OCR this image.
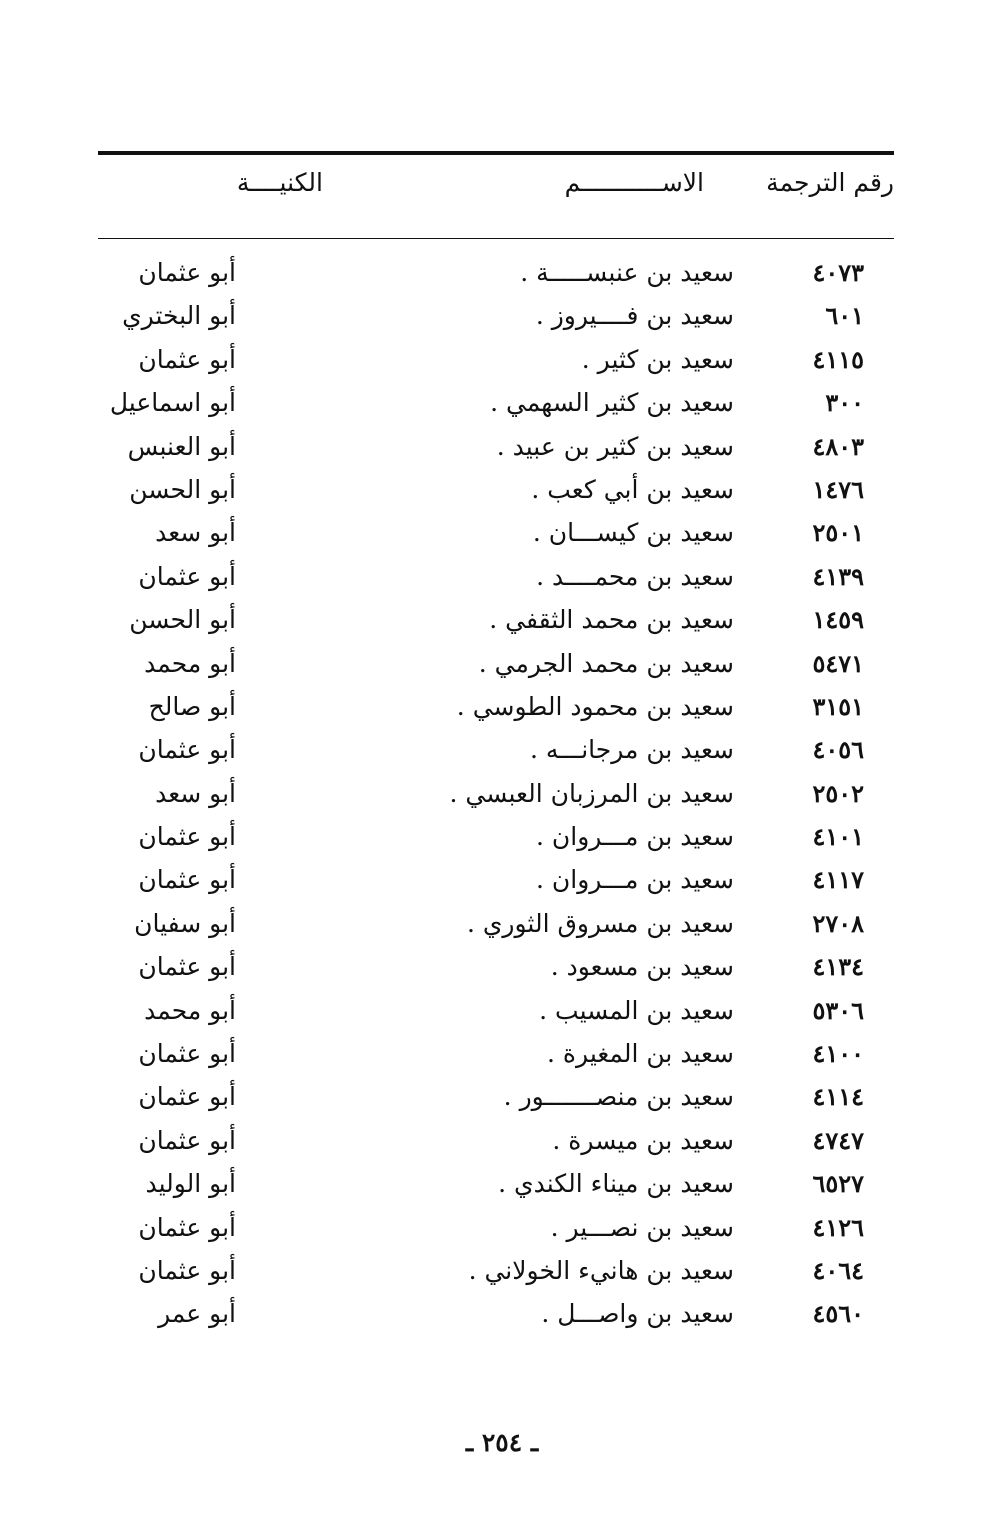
رقم الترجمة
الاســـــــــــم
الكنيــــة
٤٠٧٣
سعيد بن عنبســـــة .
أبو عثمان
٦٠١
سعيد بن فــــيروز .
أبو البختري
٤١١٥
سعيد بن كثير .
أبو عثمان
٣٠٠
سعيد بن كثير السهمي .
أبو اسماعيل
٤٨٠٣
سعيد بن كثير بن عبيد .
أبو العنبس
١٤٧٦
سعيد بن أبي كعب .
أبو الحسن
٢٥٠١
سعيد بن كيســـان .
أبو سعد
٤١٣٩
سعيد بن محمــــد .
أبو عثمان
١٤٥٩
سعيد بن محمد الثقفي .
أبو الحسن
٥٤٧١
سعيد بن محمد الجرمي .
أبو محمد
٣١٥١
سعيد بن محمود الطوسي .
أبو صالح
٤٠٥٦
سعيد بن مرجانـــه .
أبو عثمان
٢٥٠٢
سعيد بن المرزبان العبسي .
أبو سعد
٤١٠١
سعيد بن مـــروان .
أبو عثمان
٤١١٧
سعيد بن مـــروان .
أبو عثمان
٢٧٠٨
سعيد بن مسروق الثوري .
أبو سفيان
٤١٣٤
سعيد بن مسعود .
أبو عثمان
٥٣٠٦
سعيد بن المسيب .
أبو محمد
٤١٠٠
سعيد بن المغيرة .
أبو عثمان
٤١١٤
سعيد بن منصـــــــور .
أبو عثمان
٤٧٤٧
سعيد بن ميسرة .
أبو عثمان
٦٥٢٧
سعيد بن ميناء الكندي .
أبو الوليد
٤١٢٦
سعيد بن نصـــير .
أبو عثمان
٤٠٦٤
سعيد بن هانيء الخولاني .
أبو عثمان
٤٥٦٠
سعيد بن واصـــل .
أبو عمر
ـ ٢٥٤ ـ
